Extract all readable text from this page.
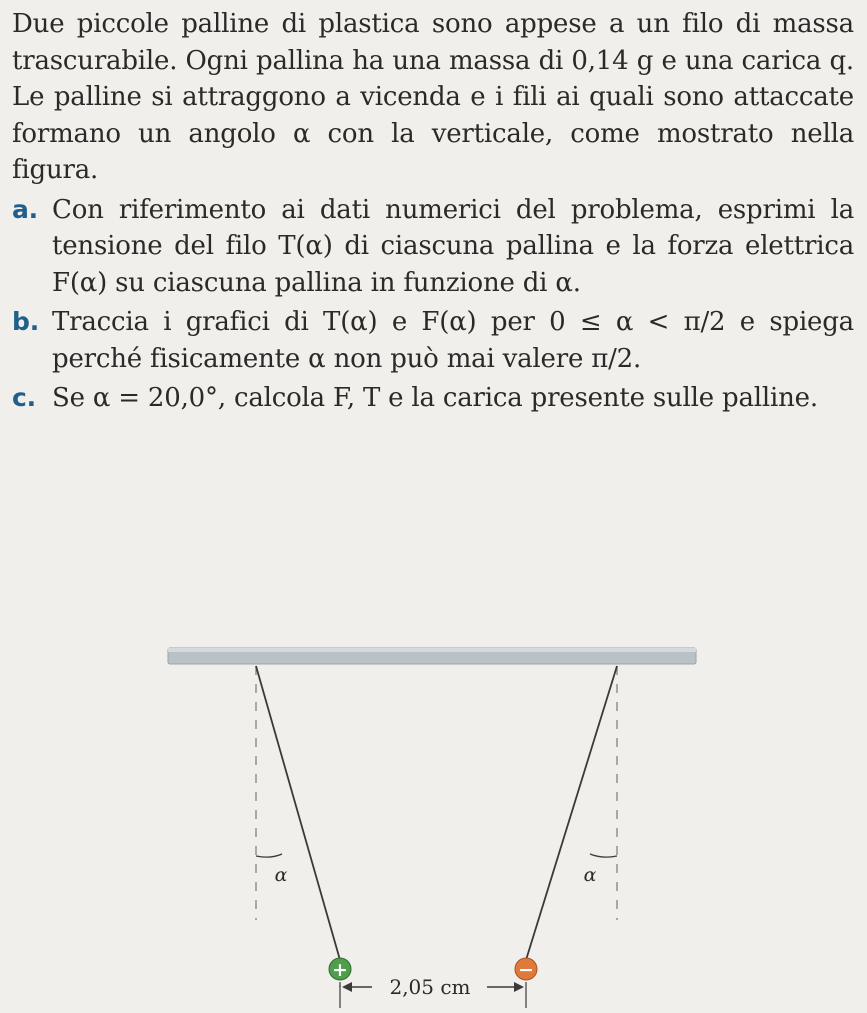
Due piccole palline di plastica sono appese a un filo di massa trascurabile. Ogni pallina ha una massa di 0,14 g e una carica q. Le palline si attraggono a vicenda e i fili ai quali sono attaccate formano un angolo α con la verticale, come mostrato nella figura.

a. Con riferimento ai dati numerici del problema, esprimi la tensione del filo T(α) di ciascuna pallina e la forza elettrica F(α) su ciascuna pallina in funzione di α.
b. Traccia i grafici di T(α) e F(α) per 0 ≤ α < π/2 e spiega perché fisicamente α non può mai valere π/2.
c. Se α = 20,0°, calcola F, T e la carica presente sulle palline.
α	α
+	−
2,05 cm
